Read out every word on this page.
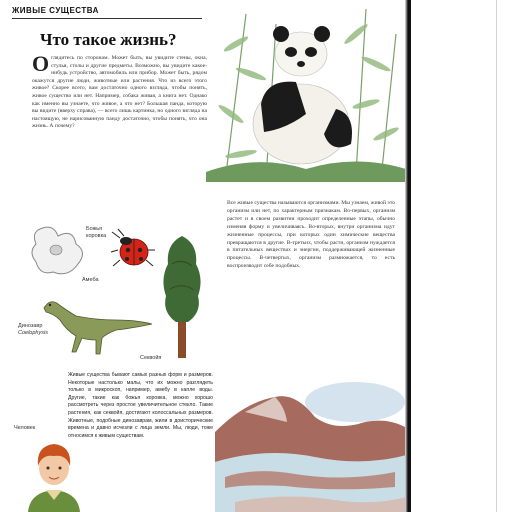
ЖИВЫЕ СУЩЕСТВА
Что такое жизнь?
Оглядитесь по сторонам. Может быть, вы увидите стены, окна, стулья, столы и другие предметы. Возможно, вы увидите какое-нибудь устройство, автомобиль или прибор. Может быть, рядом окажутся другие люди, животные или растения. Что из всего этого живое? Скорее всего, вам достаточно одного взгляда, чтобы понять, живое существо или нет. Например, собака живая, а книга нет. Однако как именно вы узнаете, что живое, а что нет? Большая панда, которую вы видите (вверху справа), — всего лишь картинка, но одного взгляда на настоящую, не нарисованную панду достаточно, чтобы понять, что она жизнь. А почему?
Все живые существа называются организмами. Мы узнаем, живой это организм или нет, по характерным признакам. Во-первых, организм растет и в своем развитии проходит определенные этапы, обычно изменяя форму и увеличиваясь. Во-вторых, внутри организма идут жизненные процессы, при которых один химические вещества превращаются в другие. В-третьих, чтобы расти, организм нуждается в питательных веществах и энергии, поддерживающей жизненные процессы. В-четвертых, организм размножается, то есть воспроизводит себе подобных.
Амеба
Божья коровка
Секвойя
Динозавр
Coelophysis
Живые существа бывают самых разных форм и размеров. Некоторые настолько малы, что их можно разглядеть только в микроскоп, например, амебу в капле воды. Другие, такие как божья коровка, можно хорошо рассмотреть через простое увеличительное стекло. Такие растения, как секвойя, достигают колоссальных размеров. Животные, подобные динозаврам, жили в доисторические времена и давно исчезли с лица земли. Мы, люди, тоже относимся к живым существам.
Человек
